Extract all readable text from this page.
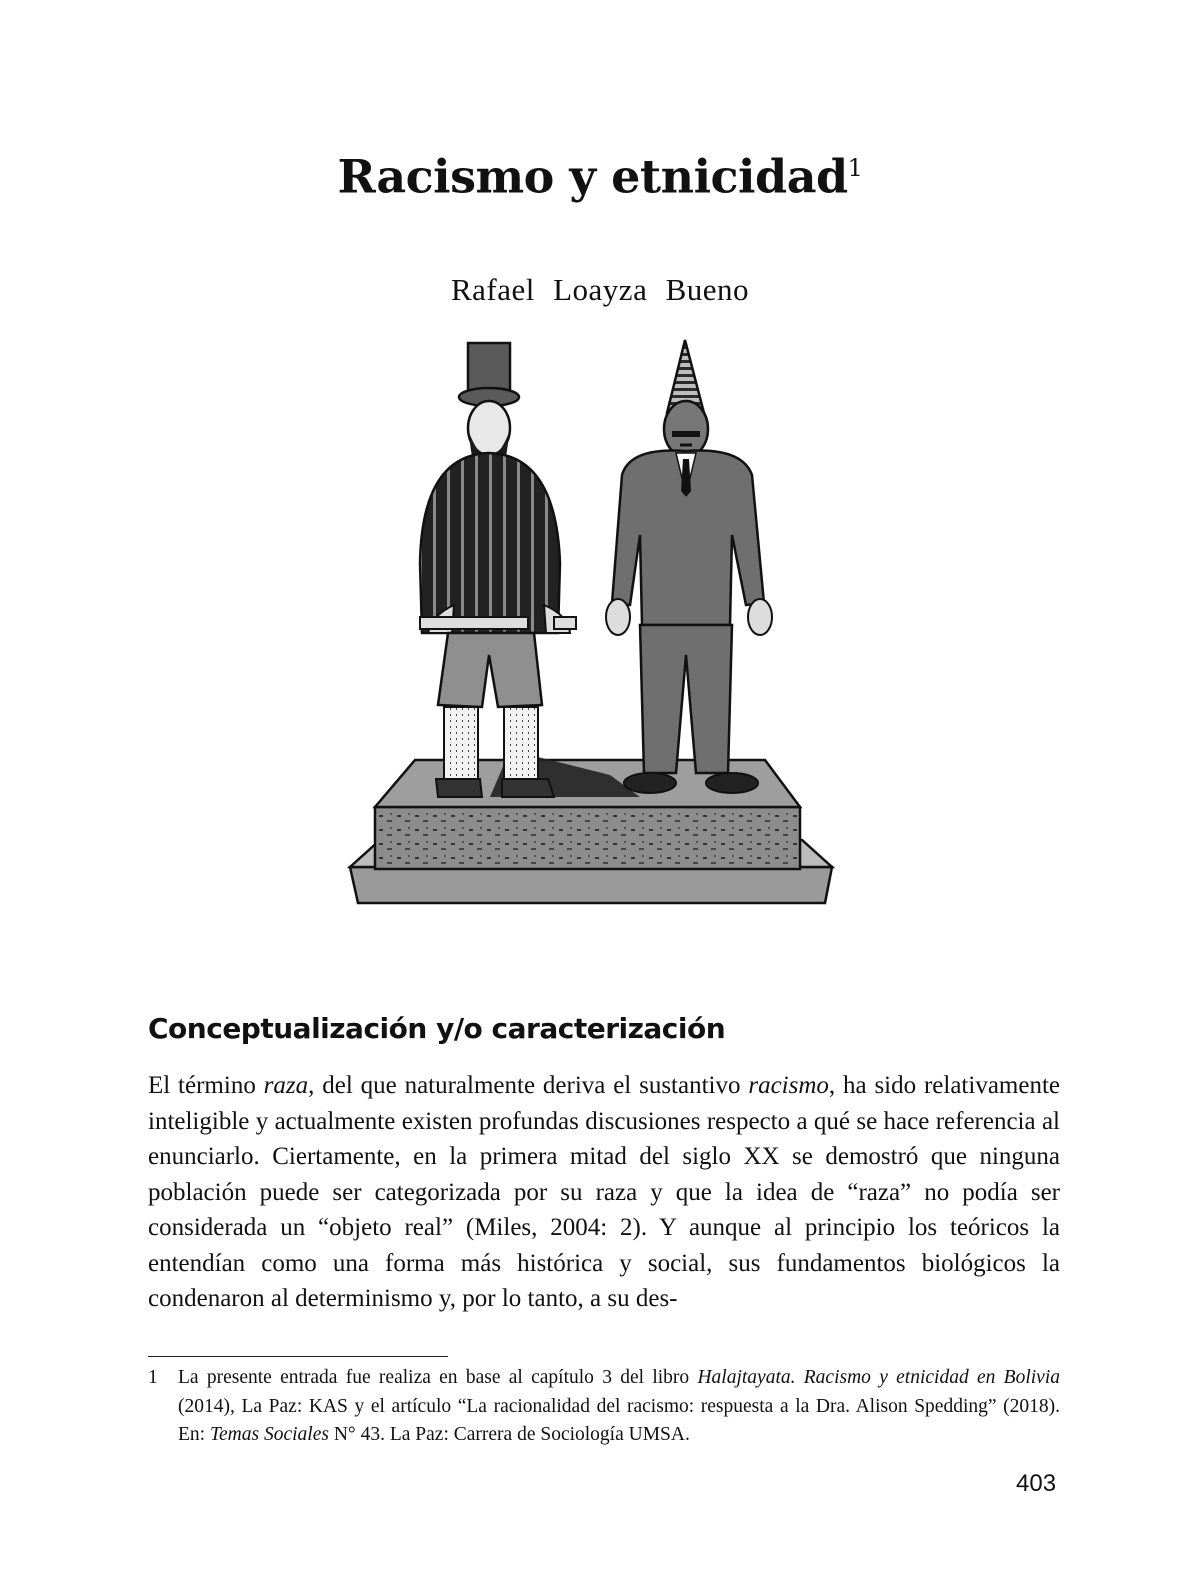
Racismo y etnicidad$^1$
Rafael Loayza Bueno
Conceptualización y/o caracterización

El término raza, del que naturalmente deriva el sustantivo racismo, ha sido relativamente inteligible y actualmente existen profundas discusiones respecto a qué se hace referencia al enunciarlo. Ciertamente, en la primera mitad del siglo XX se demostró que ninguna población puede ser categorizada por su raza y que la idea de “raza” no podía ser considerada un “objeto real” (Miles, 2004: 2). Y aunque al principio los teóricos la entendían como una forma más histórica y social, sus fundamentos biológicos la condenaron al determinismo y, por lo tanto, a su des-

1 La presente entrada fue realiza en base al capítulo 3 del libro Halajtayata. Racismo y etnicidad en Bolivia (2014), La Paz: KAS y el artículo “La racionalidad del racismo: respuesta a la Dra. Alison Spedding” (2018). En: Temas Sociales N° 43. La Paz: Carrera de Sociología UMSA.
403
